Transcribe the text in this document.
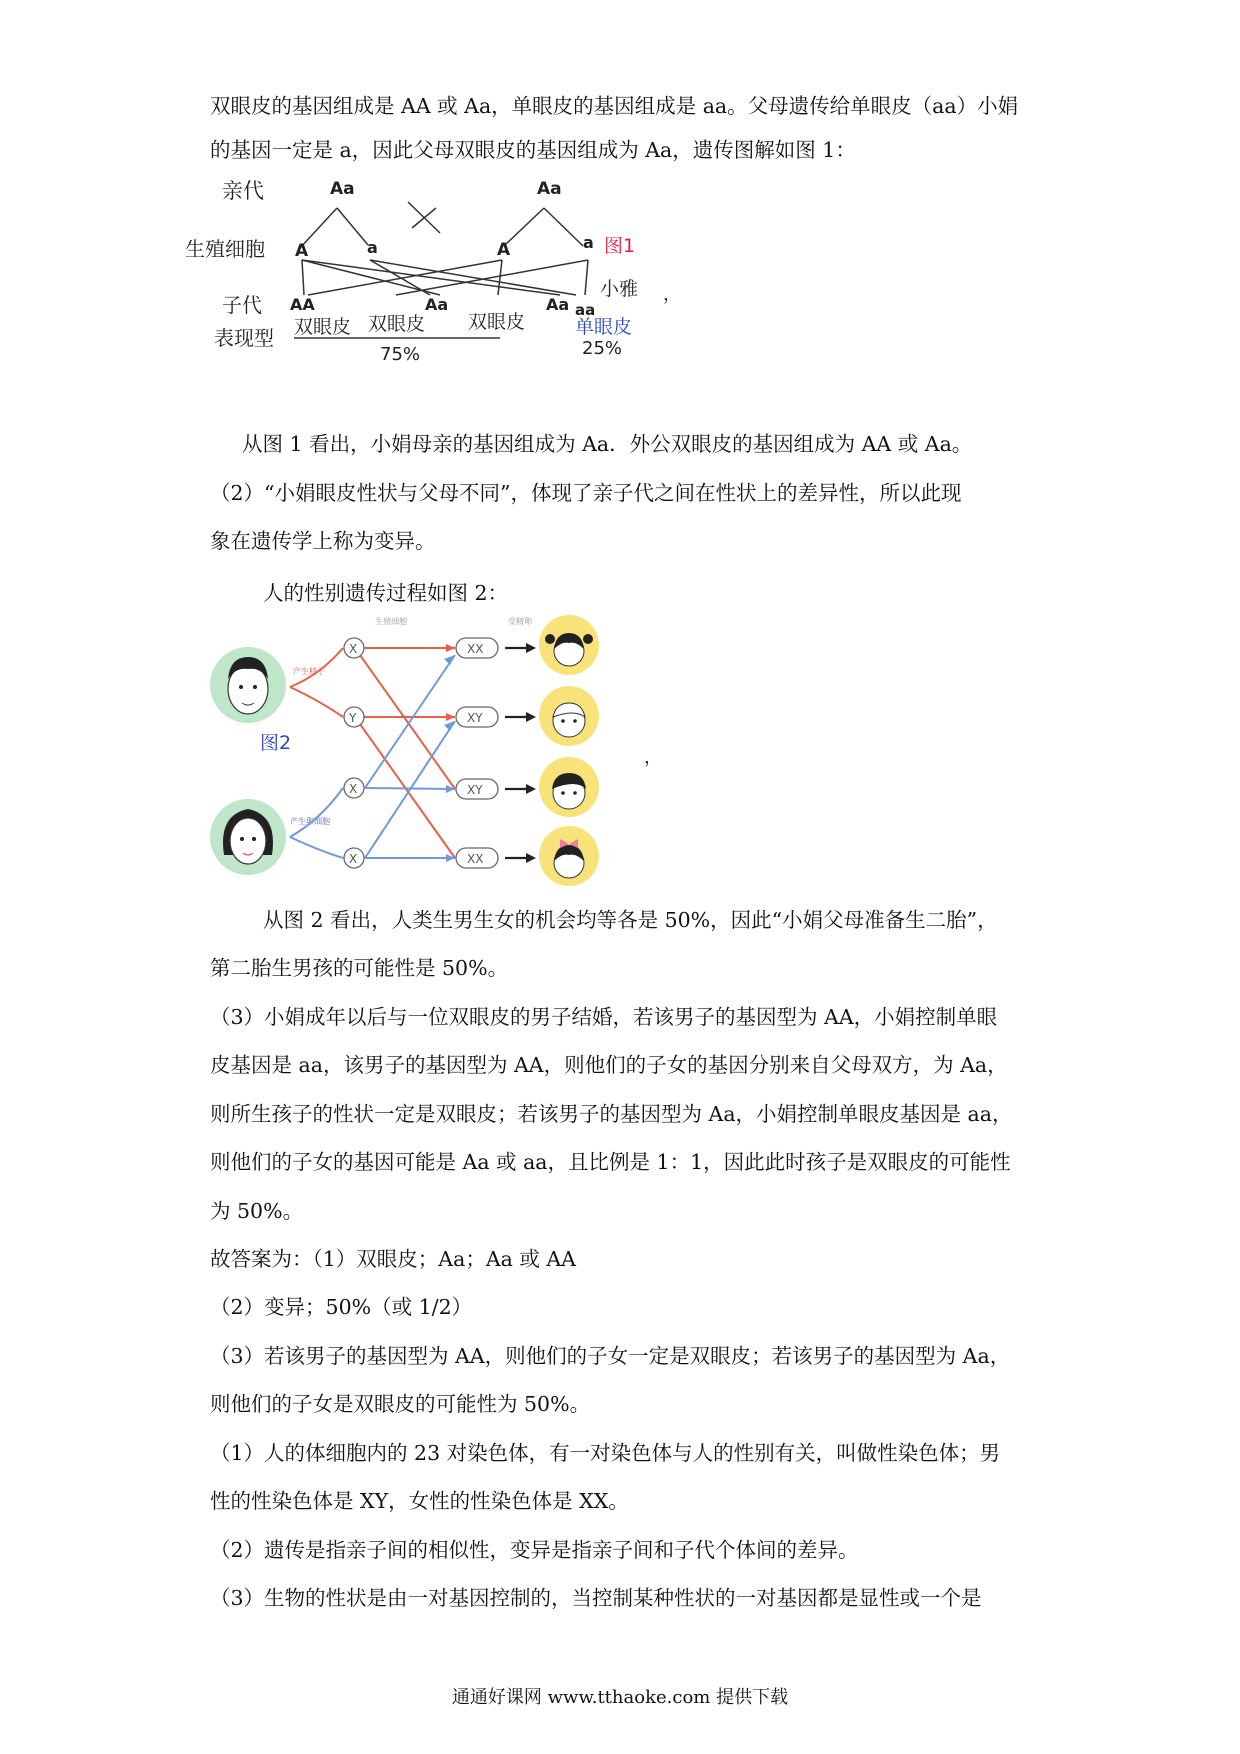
双眼皮的基因组成是 AA 或 Aa，单眼皮的基因组成是 aa。父母遗传给单眼皮（aa）小娟
的基因一定是 a，因此父母双眼皮的基因组成为 Aa，遗传图解如图 1：
亲代	Aa	Aa
生殖细胞 A	a	A	a 图1
子代 AA	Aa	Aa aa
小雅
表现型 双眼皮 双眼皮 双眼皮	单眼皮
75%	25%
，
从图 1 看出，小娟母亲的基因组成为 Aa．外公双眼皮的基因组成为 AA 或 Aa。
（2）“小娟眼皮性状与父母不同”，体现了亲子代之间在性状上的差异性，所以此现
象在遗传学上称为变异。
人的性别遗传过程如图 2：
生殖细胞	受精卵
产生精子
产生卵细胞
图2
X
Y
X
X
XX
XY
XY
XX
，
从图 2 看出，人类生男生女的机会均等各是 50%，因此“小娟父母准备生二胎”，
第二胎生男孩的可能性是 50%。
（3）小娟成年以后与一位双眼皮的男子结婚，若该男子的基因型为 AA，小娟控制单眼
皮基因是 aa，该男子的基因型为 AA，则他们的子女的基因分别来自父母双方，为 Aa，
则所生孩子的性状一定是双眼皮；若该男子的基因型为 Aa，小娟控制单眼皮基因是 aa，
则他们的子女的基因可能是 Aa 或 aa，且比例是 1：1，因此此时孩子是双眼皮的可能性
为 50%。
故答案为：（1）双眼皮；Aa；Aa 或 AA
（2）变异；50%（或 1/2）
（3）若该男子的基因型为 AA，则他们的子女一定是双眼皮；若该男子的基因型为 Aa，
则他们的子女是双眼皮的可能性为 50%。
（1）人的体细胞内的 23 对染色体，有一对染色体与人的性别有关，叫做性染色体；男
性的性染色体是 XY，女性的性染色体是 XX。
（2）遗传是指亲子间的相似性，变异是指亲子间和子代个体间的差异。
（3）生物的性状是由一对基因控制的，当控制某种性状的一对基因都是显性或一个是
通通好课网 www.tthaoke.com 提供下载
